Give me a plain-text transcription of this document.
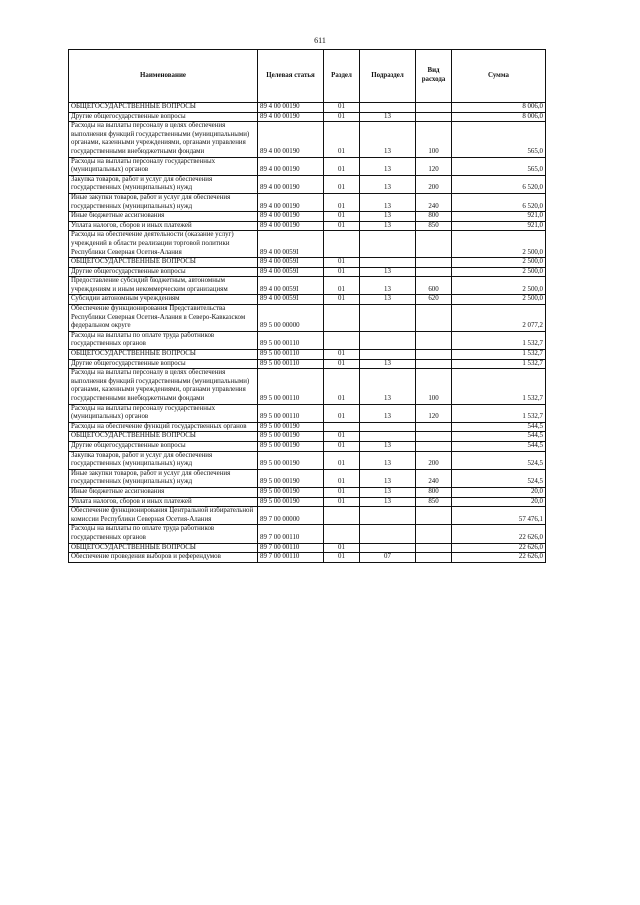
611
Наименование	Целевая статья	Раздел	Подраздел	Вид расхода	Сумма
ОБЩЕГОСУДАРСТВЕННЫЕ ВОПРОСЫ	89 4 00 00190	01			8 006,0
Другие общегосударственные вопросы	89 4 00 00190	01	13		8 006,0
Расходы на выплаты персоналу в целях обеспечения выполнения функций государственными (муниципальными) органами, казенными учреждениями, органами управления государственными внебюджетными фондами	89 4 00 00190	01	13	100	565,0
Расходы на выплаты персоналу государственных (муниципальных) органов	89 4 00 00190	01	13	120	565,0
Закупка товаров, работ и услуг для обеспечения государственных (муниципальных) нужд	89 4 00 00190	01	13	200	6 520,0
Иные закупки товаров, работ и услуг для обеспечения государственных (муниципальных) нужд	89 4 00 00190	01	13	240	6 520,0
Иные бюджетные ассигнования	89 4 00 00190	01	13	800	921,0
Уплата налогов, сборов и иных платежей	89 4 00 00190	01	13	850	921,0
Расходы на обеспечение деятельности (оказание услуг) учреждений в области реализации торговой политики Республики Северная Осетия-Алания	89 4 00 0059I				2 500,0
ОБЩЕГОСУДАРСТВЕННЫЕ ВОПРОСЫ	89 4 00 0059I	01			2 500,0
Другие общегосударственные вопросы	89 4 00 0059I	01	13		2 500,0
Предоставление субсидий бюджетным, автономным учреждениям и иным некоммерческим организациям	89 4 00 0059I	01	13	600	2 500,0
Субсидии автономным учреждениям	89 4 00 0059I	01	13	620	2 500,0
Обеспечение функционирования Представительства Республики Северная Осетия-Алания в Северо-Кавказском федеральном округе	89 5 00 00000				2 077,2
Расходы на выплаты по оплате труда работников государственных органов	89 5 00 00110				1 532,7
ОБЩЕГОСУДАРСТВЕННЫЕ ВОПРОСЫ	89 5 00 00110	01			1 532,7
Другие общегосударственные вопросы	89 5 00 00110	01	13		1 532,7
Расходы на выплаты персоналу в целях обеспечения выполнения функций государственными (муниципальными) органами, казенными учреждениями, органами управления государственными внебюджетными фондами	89 5 00 00110	01	13	100	1 532,7
Расходы на выплаты персоналу государственных (муниципальных) органов	89 5 00 00110	01	13	120	1 532,7
Расходы на обеспечение функций государственных органов	89 5 00 00190				544,5
ОБЩЕГОСУДАРСТВЕННЫЕ ВОПРОСЫ	89 5 00 00190	01			544,5
Другие общегосударственные вопросы	89 5 00 00190	01	13		544,5
Закупка товаров, работ и услуг для обеспечения государственных (муниципальных) нужд	89 5 00 00190	01	13	200	524,5
Иные закупки товаров, работ и услуг для обеспечения государственных (муниципальных) нужд	89 5 00 00190	01	13	240	524,5
Иные бюджетные ассигнования	89 5 00 00190	01	13	800	20,0
Уплата налогов, сборов и иных платежей	89 5 00 00190	01	13	850	20,0
Обеспечение функционирования Центральной избирательной комиссии Республики Северная Осетия-Алания	89 7 00 00000				57 476,1
Расходы на выплаты по оплате труда работников государственных органов	89 7 00 00110				22 626,0
ОБЩЕГОСУДАРСТВЕННЫЕ ВОПРОСЫ	89 7 00 00110	01			22 626,0
Обеспечение проведения выборов и референдумов	89 7 00 00110	01	07		22 626,0
